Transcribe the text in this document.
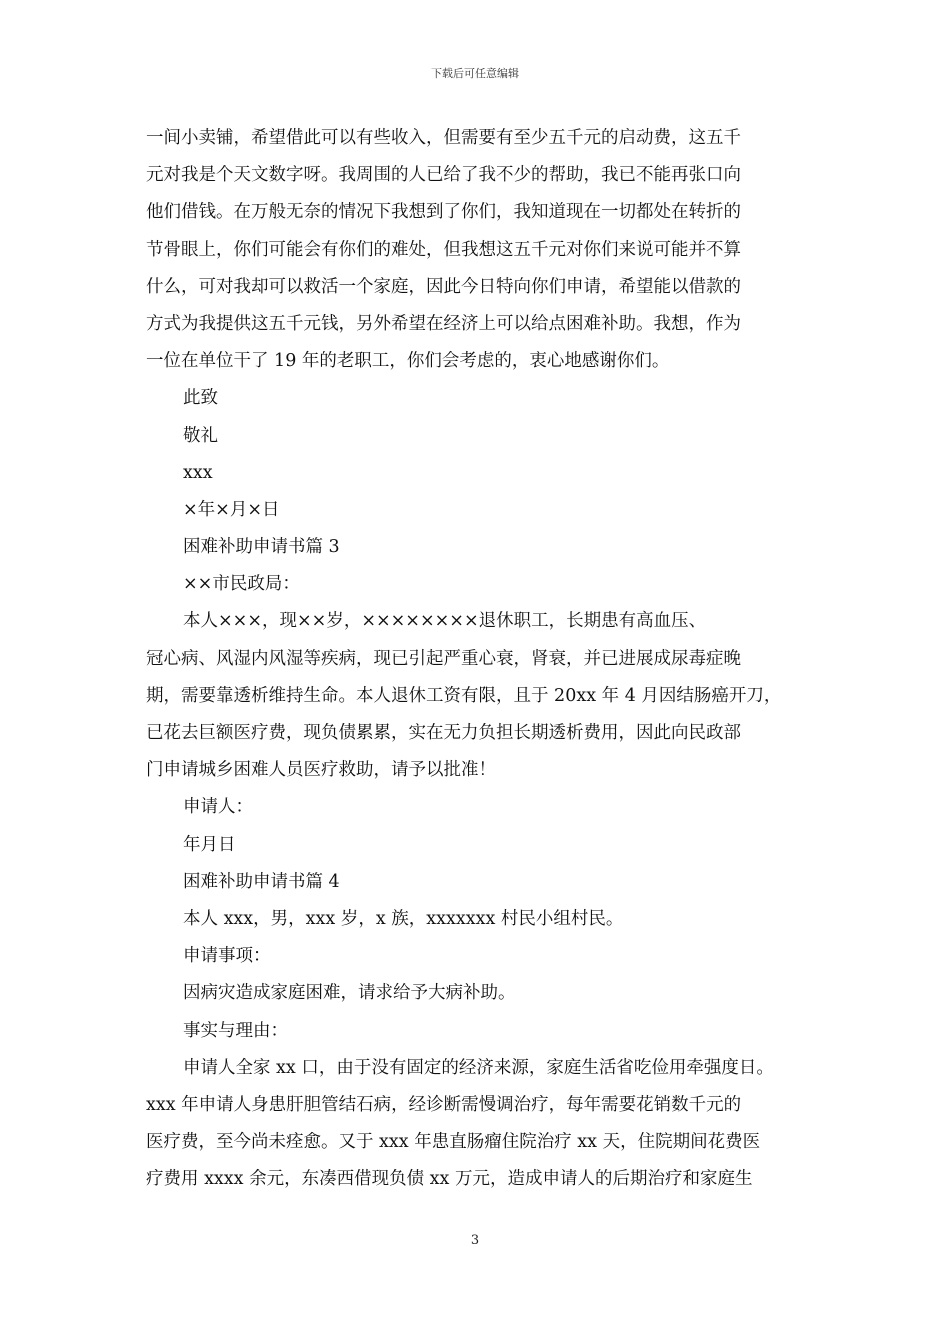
下载后可任意编辑
一间小卖铺，希望借此可以有些收入，但需要有至少五千元的启动费，这五千
元对我是个天文数字呀。我周围的人已给了我不少的帮助，我已不能再张口向
他们借钱。在万般无奈的情况下我想到了你们，我知道现在一切都处在转折的
节骨眼上，你们可能会有你们的难处，但我想这五千元对你们来说可能并不算
什么，可对我却可以救活一个家庭，因此今日特向你们申请，希望能以借款的
方式为我提供这五千元钱，另外希望在经济上可以给点困难补助。我想，作为
一位在单位干了 19 年的老职工，你们会考虑的，衷心地感谢你们。
此致
敬礼
xxx
×年×月×日
困难补助申请书篇 3
××市民政局：
本人×××，现××岁，××××××××退休职工，长期患有高血压、
冠心病、风湿内风湿等疾病，现已引起严重心衰，肾衰，并已进展成尿毒症晚
期，需要靠透析维持生命。本人退休工资有限，且于 20xx 年 4 月因结肠癌开刀，
已花去巨额医疗费，现负债累累，实在无力负担长期透析费用，因此向民政部
门申请城乡困难人员医疗救助，请予以批准！
申请人：
年月日
困难补助申请书篇 4
本人 xxx，男，xxx 岁，x 族，xxxxxxx 村民小组村民。
申请事项：
因病灾造成家庭困难，请求给予大病补助。
事实与理由：
申请人全家 xx 口，由于没有固定的经济来源，家庭生活省吃俭用牵强度日。
xxx 年申请人身患肝胆管结石病，经诊断需慢调治疗，每年需要花销数千元的
医疗费，至今尚未痊愈。又于 xxx 年患直肠瘤住院治疗 xx 天，住院期间花费医
疗费用 xxxx 余元，东凑西借现负债 xx 万元，造成申请人的后期治疗和家庭生
3
